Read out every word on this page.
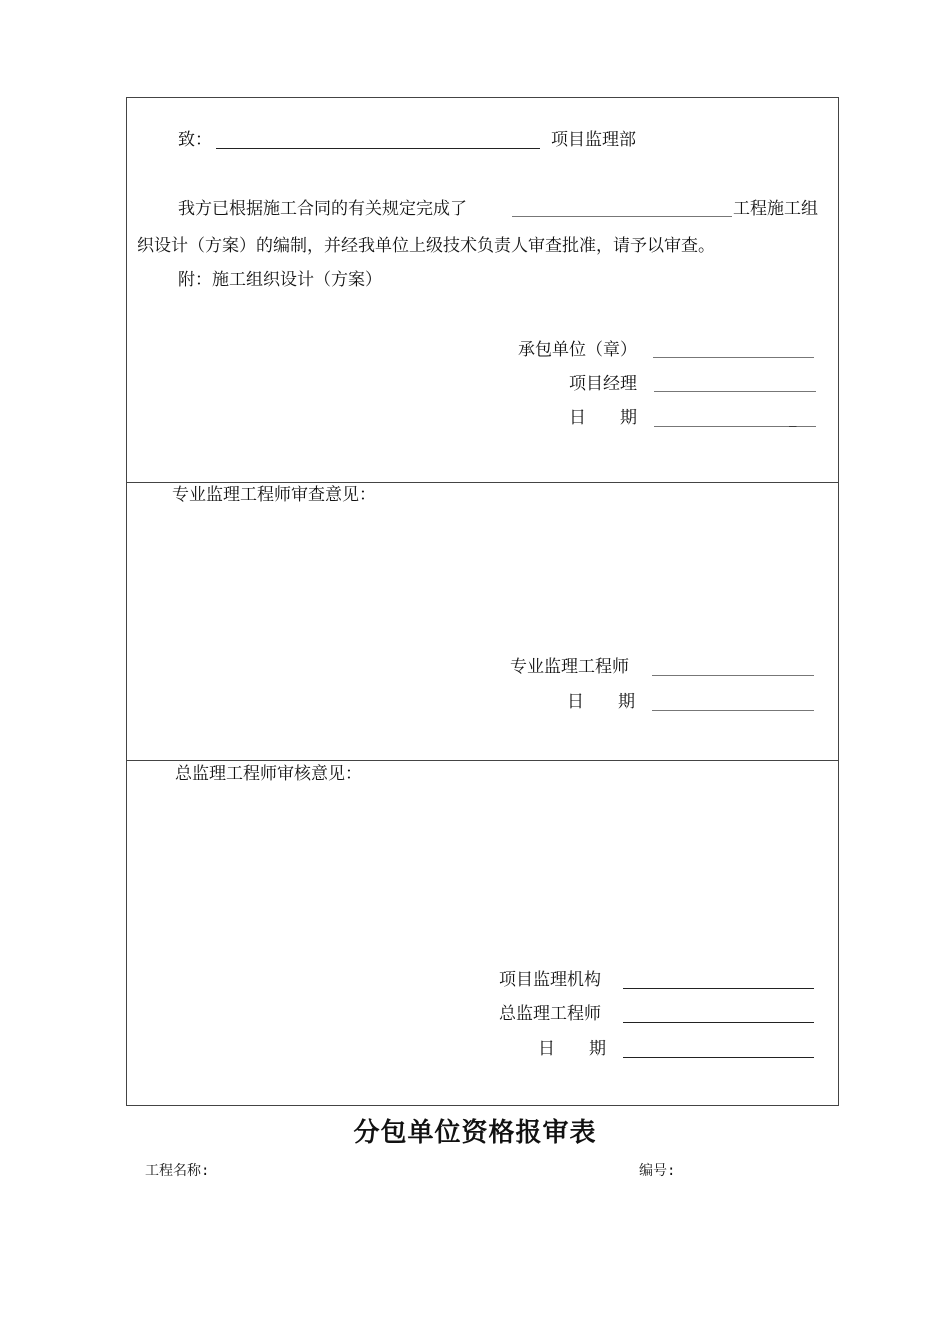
致：	项目监理部
我方已根据施工合同的有关规定完成了	工程施工组
织设计（方案）的编制，并经我单位上级技术负责人审查批准，请予以审查。
附：施工组织设计（方案）
承包单位（章）
项目经理
日　　期	_
专业监理工程师审查意见：
专业监理工程师
日　　期
总监理工程师审核意见：
项目监理机构
总监理工程师
日　　期
分包单位资格报审表
工程名称:	编号:
